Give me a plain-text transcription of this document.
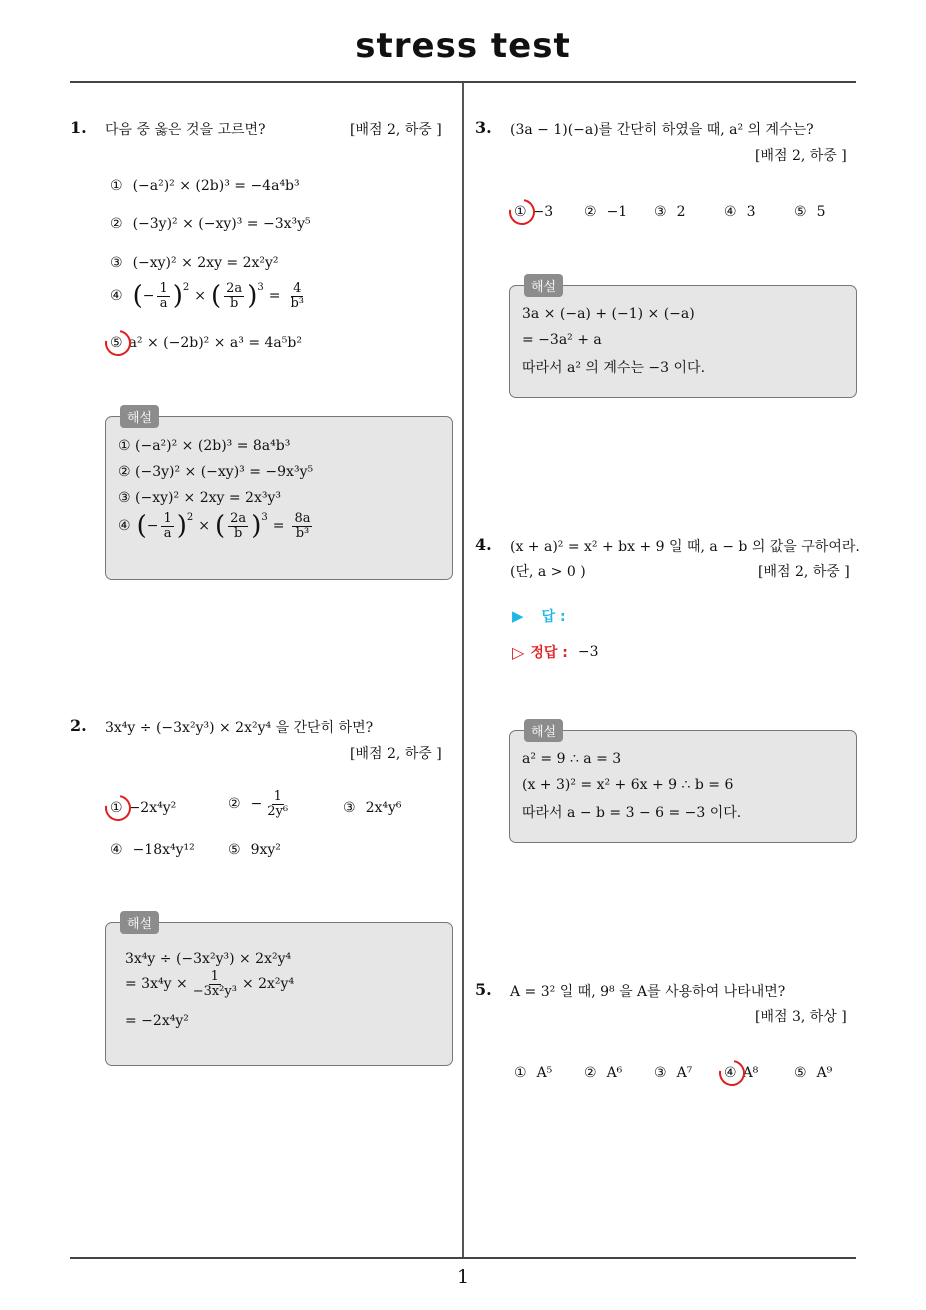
stress test
1. 다음 중 옳은 것을 고르면?	[배점 2, 하중 ]
① (−a²)² × (2b)³ = −4a⁴b³
② (−3y)² × (−xy)³ = −3x³y⁵
③ (−xy)² × 2xy = 2x²y²
④ ( − $\frac{1}{a} )^2$
× ( $\frac{2a}{b} )^3$
= $\frac{4}{\text{b³}}$
⑤ a² × (−2b)² × a³ = 4a⁵b²
해설
① (−a²)² × (2b)³ = 8a⁴b³
② (−3y)² × (−xy)³ = −9x³y⁵
③ (−xy)² × 2xy = 2x³y³
④ ( − $\frac{1}{a} )^2$
× ( $\frac{2a}{b} )^3$
= $\frac{8a}{\text{b³}}$
2. 3x⁴y ÷ (−3x²y³) × 2x²y⁴ 을 간단히 하면?
[배점 2, 하중 ]
① −2x⁴y²	② − $\frac{1}{\text{2y⁶}}$	③ 2x⁴y⁶
④ −18x⁴y¹² ⑤ 9xy²
해설
3x⁴y ÷ (−3x²y³) × 2x²y⁴
= $3x^4y \times \frac{1}{\text{−3x²y³}} \times 2x^2y^4$
= −2x⁴y²
3. (3a − 1)(−a)를 간단히 하였을 때, a² 의 계수는?
[배점 2, 하중 ]
① −3 ② −1 ③ 2	④ 3	⑤ 5
해설
3a × (−a) + (−1) × (−a)
= −3a² + a
따라서 a² 의 계수는 −3 이다.
4. (x + a)² = x² + bx + 9 일 때, a − b 의 값을 구하여라.
(단, a > 0 )	[배점 2, 하중 ]
▶ 답 :
▷ 정답 : −3
해설
a² = 9 ∴ a = 3
(x + 3)² = x² + 6x + 9 ∴ b = 6
따라서 a − b = 3 − 6 = −3 이다.
5. A = 3² 일 때, 9⁸ 을 A를 사용하여 나타내면?
[배점 3, 하상 ]
① A⁵ ② A⁶ ③ A⁷ ④ A⁸	⑤ A⁹
1
